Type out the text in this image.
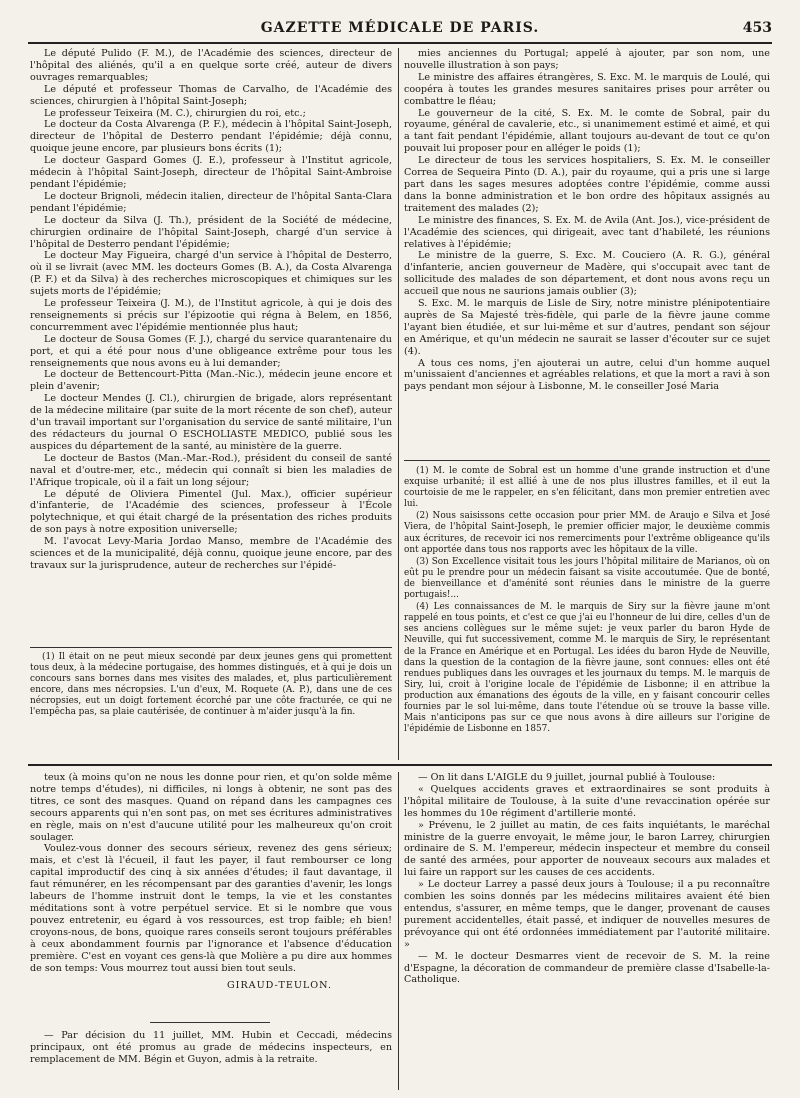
GAZETTE MÉDICALE DE PARIS.	453

Le député Pulido (F. M.), de l'Académie des sciences, directeur de l'hôpital des aliénés, qu'il a en quelque sorte créé, auteur de divers ouvrages remarquables;

Le député et professeur Thomas de Carvalho, de l'Académie des sciences, chirurgien à l'hôpital Saint-Joseph;

Le professeur Teixeira (M. C.), chirurgien du roi, etc.;

Le docteur da Costa Alvarenga (P. F.), médecin à l'hôpital Saint-Joseph, directeur de l'hôpital de Desterro pendant l'épidémie; déjà connu, quoique jeune encore, par plusieurs bons écrits (1);

Le docteur Gaspard Gomes (J. E.), professeur à l'Institut agricole, médecin à l'hôpital Saint-Joseph, directeur de l'hôpital Saint-Ambroise pendant l'épidémie;

Le docteur Brignoli, médecin italien, directeur de l'hôpital Santa-Clara pendant l'épidémie;

Le docteur da Silva (J. Th.), président de la Société de médecine, chirurgien ordinaire de l'hôpital Saint-Joseph, chargé d'un service à l'hôpital de Desterro pendant l'épidémie;

Le docteur May Figueira, chargé d'un service à l'hôpital de Desterro, où il se livrait (avec MM. les docteurs Gomes (B. A.), da Costa Alvarenga (P. F.) et da Silva) à des recherches microscopiques et chimiques sur les sujets morts de l'épidémie;

Le professeur Teixeira (J. M.), de l'Institut agricole, à qui je dois des renseignements si précis sur l'épizootie qui régna à Belem, en 1856, concurremment avec l'épidémie mentionnée plus haut;

Le docteur de Sousa Gomes (F. J.), chargé du service quarantenaire du port, et qui a été pour nous d'une obligeance extrême pour tous les renseignements que nous avons eu à lui demander;

Le docteur de Bettencourt-Pitta (Man.-Nic.), médecin jeune encore et plein d'avenir;

Le docteur Mendes (J. Cl.), chirurgien de brigade, alors représentant de la médecine militaire (par suite de la mort récente de son chef), auteur d'un travail important sur l'organisation du service de santé militaire, l'un des rédacteurs du journal O ESCHOLIASTE MEDICO, publié sous les auspices du département de la santé, au ministère de la guerre.

Le docteur de Bastos (Man.-Mar.-Rod.), président du conseil de santé naval et d'outre-mer, etc., médecin qui connaît si bien les maladies de l'Afrique tropicale, où il a fait un long séjour;

Le député de Oliviera Pimentel (Jul. Max.), officier supérieur d'infanterie, de l'Académie des sciences, professeur à l'École polytechnique, et qui était chargé de la présentation des riches produits de son pays à notre exposition universelle;

M. l'avocat Levy-Maria Jordao Manso, membre de l'Académie des sciences et de la municipalité, déjà connu, quoique jeune encore, par des travaux sur la jurisprudence, auteur de recherches sur l'épidé-

(1) Il était on ne peut mieux secondé par deux jeunes gens qui promettent tous deux, à la médecine portugaise, des hommes distingués, et à qui je dois un concours sans bornes dans mes visites des malades, et, plus particulièrement encore, dans mes nécropsies. L'un d'eux, M. Roquete (A. P.), dans une de ces nécropsies, eut un doigt fortement écorché par une côte fracturée, ce qui ne l'empêcha pas, sa plaie cautérisée, de continuer à m'aider jusqu'à la fin.

mies anciennes du Portugal; appelé à ajouter, par son nom, une nouvelle illustration à son pays;

Le ministre des affaires étrangères, S. Exc. M. le marquis de Loulé, qui coopéra à toutes les grandes mesures sanitaires prises pour arrêter ou combattre le fléau;

Le gouverneur de la cité, S. Ex. M. le comte de Sobral, pair du royaume, général de cavalerie, etc., si unanimement estimé et aimé, et qui a tant fait pendant l'épidémie, allant toujours au-devant de tout ce qu'on pouvait lui proposer pour en alléger le poids (1);

Le directeur de tous les services hospitaliers, S. Ex. M. le conseiller Correa de Sequeira Pinto (D. A.), pair du royaume, qui a pris une si large part dans les sages mesures adoptées contre l'épidémie, comme aussi dans la bonne administration et le bon ordre des hôpitaux assignés au traitement des malades (2);

Le ministre des finances, S. Ex. M. de Avila (Ant. Jos.), vice-président de l'Académie des sciences, qui dirigeait, avec tant d'habileté, les réunions relatives à l'épidémie;

Le ministre de la guerre, S. Exc. M. Couciero (A. R. G.), général d'infanterie, ancien gouverneur de Madère, qui s'occupait avec tant de sollicitude des malades de son département, et dont nous avons reçu un accueil que nous ne saurions jamais oublier (3);

S. Exc. M. le marquis de Lisle de Siry, notre ministre plénipotentiaire auprès de Sa Majesté très-fidèle, qui parle de la fièvre jaune comme l'ayant bien étudiée, et sur lui-même et sur d'autres, pendant son séjour en Amérique, et qu'un médecin ne saurait se lasser d'écouter sur ce sujet (4).

A tous ces noms, j'en ajouterai un autre, celui d'un homme auquel m'unissaient d'anciennes et agréables relations, et que la mort a ravi à son pays pendant mon séjour à Lisbonne, M. le conseiller José Maria

(1) M. le comte de Sobral est un homme d'une grande instruction et d'une exquise urbanité; il est allié à une de nos plus illustres familles, et il eut la courtoisie de me le rappeler, en s'en félicitant, dans mon premier entretien avec lui.

(2) Nous saisissons cette occasion pour prier MM. de Araujo e Silva et José Viera, de l'hôpital Saint-Joseph, le premier officier major, le deuxième commis aux écritures, de recevoir ici nos remerciments pour l'extrême obligeance qu'ils ont apportée dans tous nos rapports avec les hôpitaux de la ville.

(3) Son Excellence visitait tous les jours l'hôpital militaire de Marianos, où on eût pu le prendre pour un médecin faisant sa visite accoutumée. Que de bonté, de bienveillance et d'aménité sont réunies dans le ministre de la guerre portugais!...

(4) Les connaissances de M. le marquis de Siry sur la fièvre jaune m'ont rappelé en tous points, et c'est ce que j'ai eu l'honneur de lui dire, celles d'un de ses anciens collègues sur le même sujet: je veux parler du baron Hyde de Neuville, qui fut successivement, comme M. le marquis de Siry, le représentant de la France en Amérique et en Portugal. Les idées du baron Hyde de Neuville, dans la question de la contagion de la fièvre jaune, sont connues: elles ont été rendues publiques dans les ouvrages et les journaux du temps. M. le marquis de Siry, lui, croit à l'origine locale de l'épidémie de Lisbonne; il en attribue la production aux émanations des égouts de la ville, en y faisant concourir celles fournies par le sol lui-même, dans toute l'étendue où se trouve la basse ville. Mais n'anticipons pas sur ce que nous avons à dire ailleurs sur l'origine de l'épidémie de Lisbonne en 1857.

teux (à moins qu'on ne nous les donne pour rien, et qu'on solde même notre temps d'études), ni difficiles, ni longs à obtenir, ne sont pas des titres, ce sont des masques. Quand on répand dans les campagnes ces secours apparents qui n'en sont pas, on met ses écritures administratives en règle, mais on n'est d'aucune utilité pour les malheureux qu'on croit soulager.

Voulez-vous donner des secours sérieux, revenez des gens sérieux; mais, et c'est là l'écueil, il faut les payer, il faut rembourser ce long capital improductif des cinq à six années d'études; il faut davantage, il faut rémunérer, en les récompensant par des garanties d'avenir, les longs labeurs de l'homme instruit dont le temps, la vie et les constantes méditations sont à votre perpétuel service. Et si le nombre que vous pouvez entretenir, eu égard à vos ressources, est trop faible; eh bien! croyons-nous, de bons, quoique rares conseils seront toujours préférables à ceux abondamment fournis par l'ignorance et l'absence d'éducation première. C'est en voyant ces gens-là que Molière a pu dire aux hommes de son temps: Vous mourrez tout aussi bien tout seuls.

GIRAUD-TEULON.

— Par décision du 11 juillet, MM. Hubin et Ceccadi, médecins principaux, ont été promus au grade de médecins inspecteurs, en remplacement de MM. Bégin et Guyon, admis à la retraite.

— On lit dans L'AIGLE du 9 juillet, journal publié à Toulouse:

« Quelques accidents graves et extraordinaires se sont produits à l'hôpital militaire de Toulouse, à la suite d'une revaccination opérée sur les hommes du 10e régiment d'artillerie monté.

» Prévenu, le 2 juillet au matin, de ces faits inquiétants, le maréchal ministre de la guerre envoyait, le même jour, le baron Larrey, chirurgien ordinaire de S. M. l'empereur, médecin inspecteur et membre du conseil de santé des armées, pour apporter de nouveaux secours aux malades et lui faire un rapport sur les causes de ces accidents.

» Le docteur Larrey a passé deux jours à Toulouse; il a pu reconnaître combien les soins donnés par les médecins militaires avaient été bien entendus, s'assurer, en même temps, que le danger, provenant de causes purement accidentelles, était passé, et indiquer de nouvelles mesures de prévoyance qui ont été ordonnées immédiatement par l'autorité militaire. »

— M. le docteur Desmarres vient de recevoir de S. M. la reine d'Espagne, la décoration de commandeur de première classe d'Isabelle-la-Catholique.
